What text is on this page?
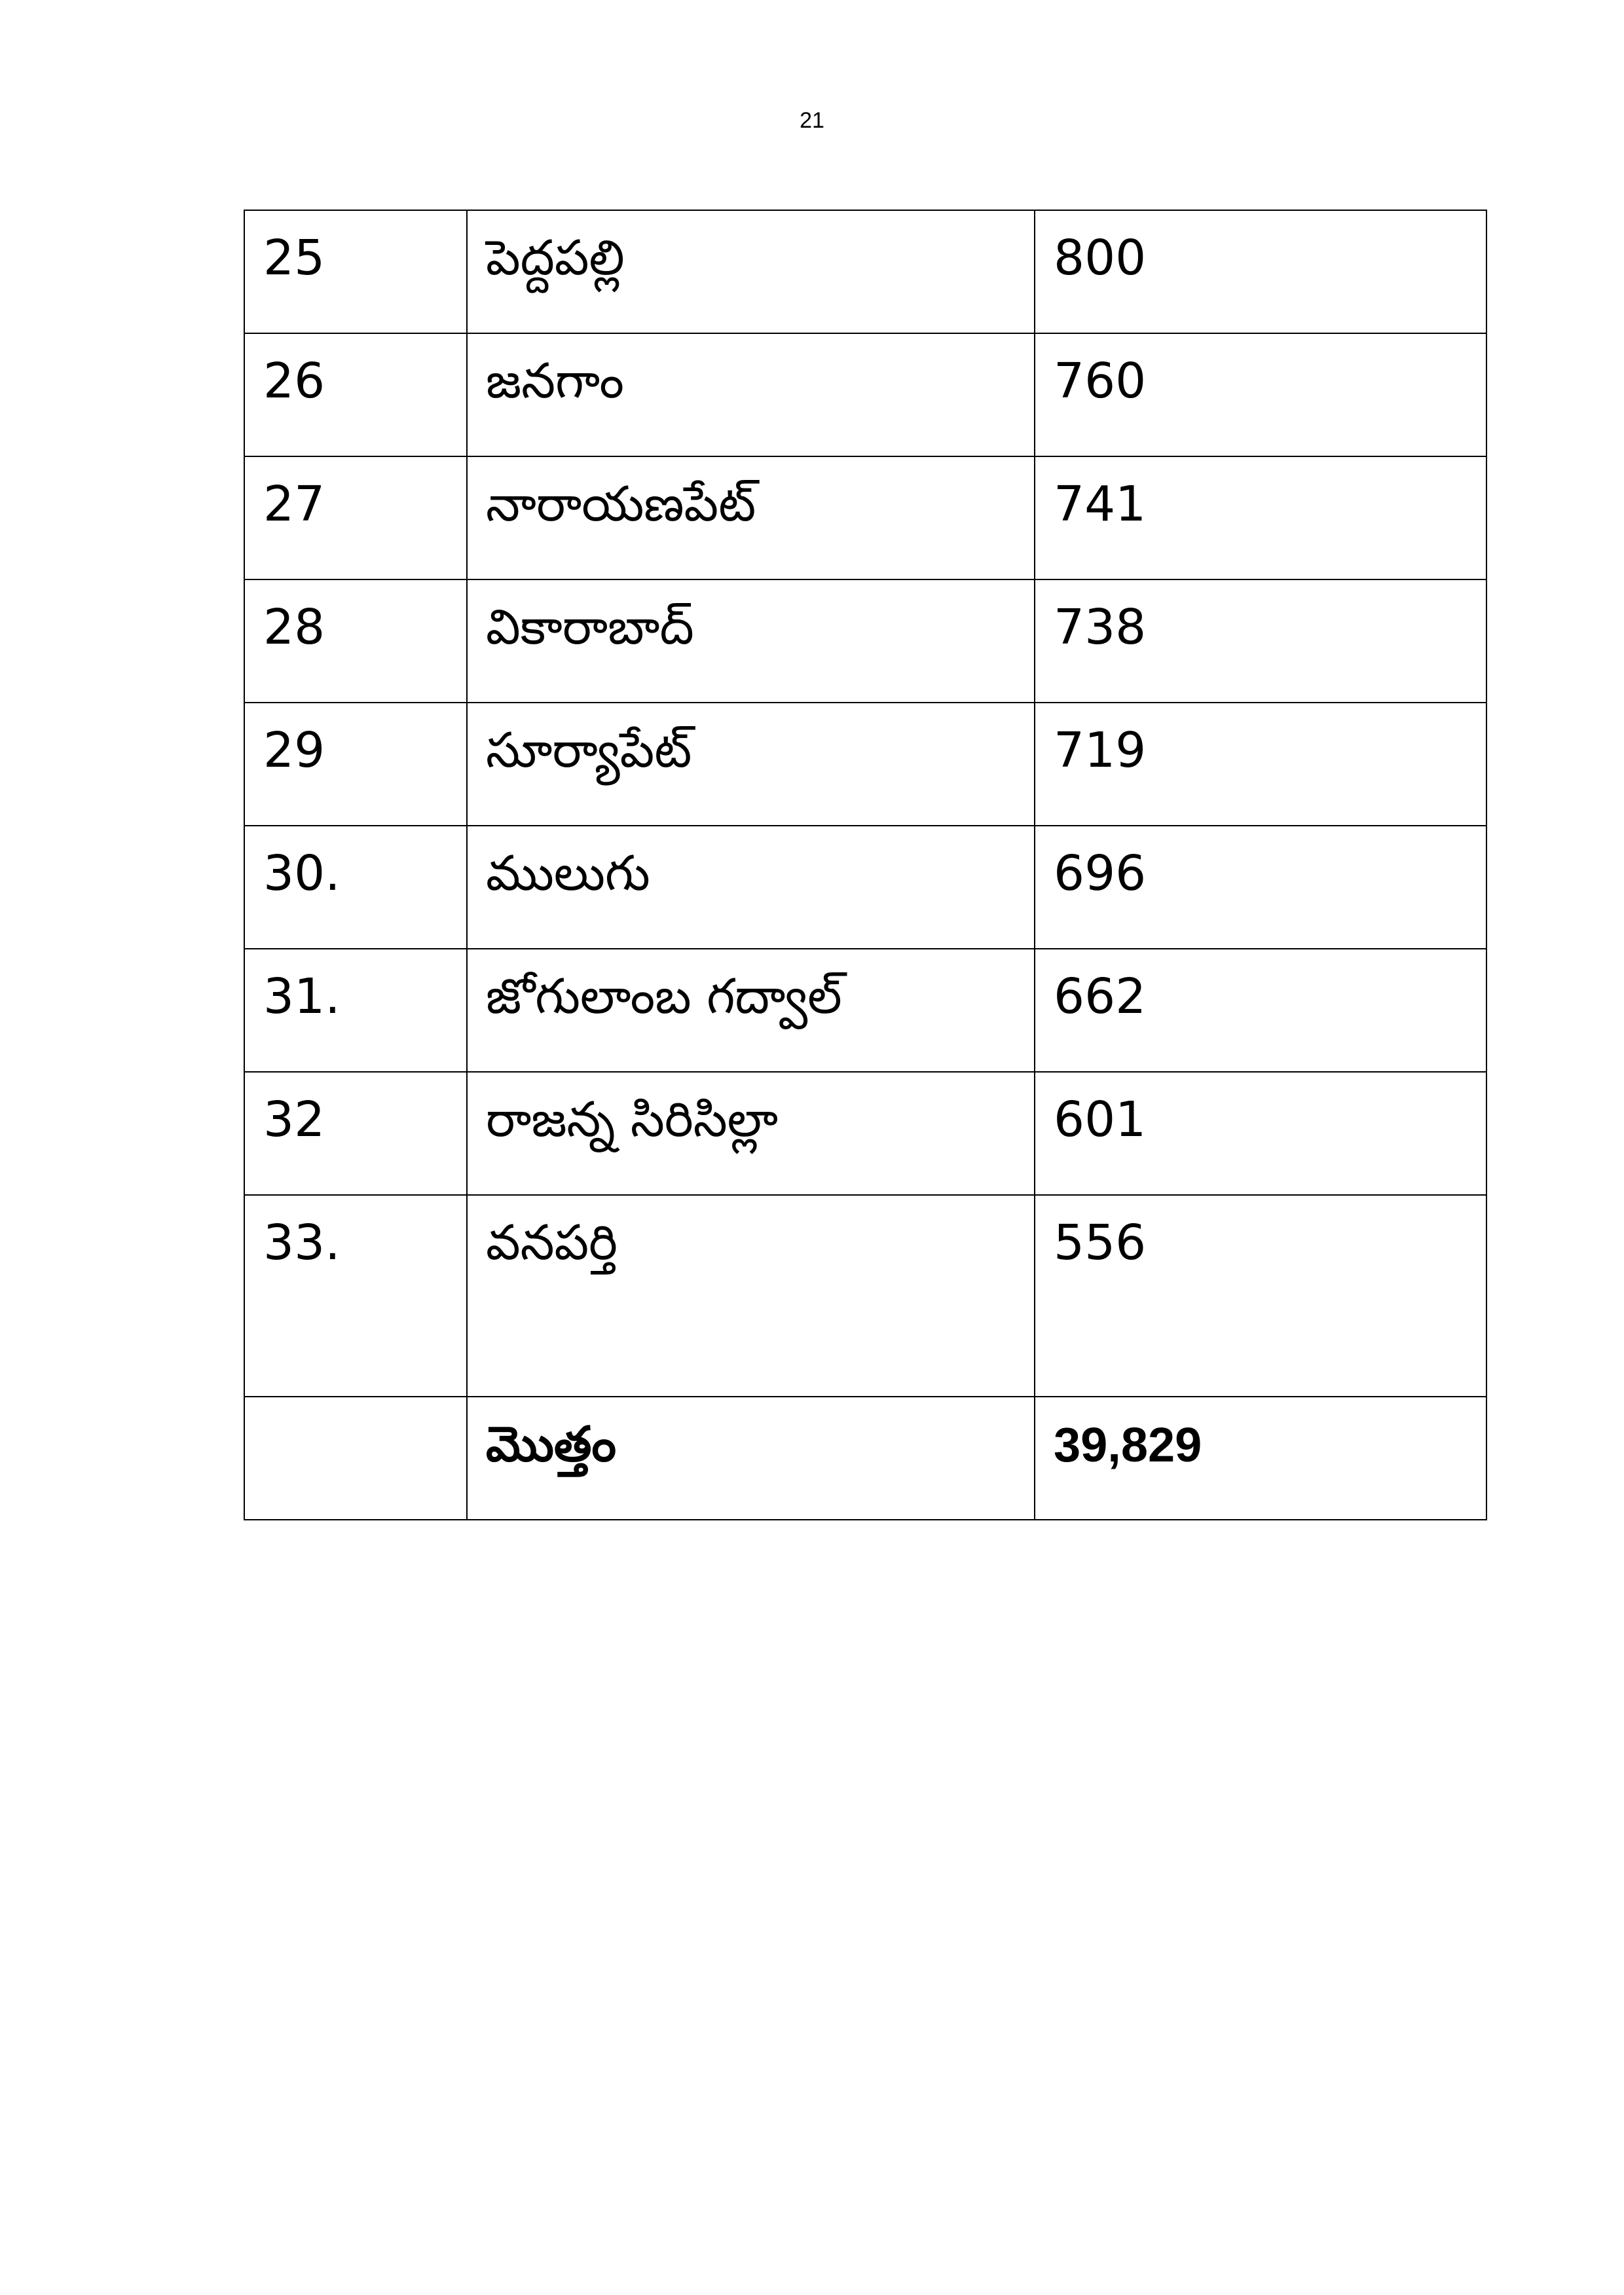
21
25	పెద్దపల్లి	800
26	జనగాం	760
27	నారాయణపేట్	741
28	వికారాబాద్	738
29	సూర్యాపేట్	719
30.	ములుగు	696
31.	జోగులాంబ గద్వాల్	662
32	రాజన్న సిరిసిల్లా	601
33.	వనపర్తి	556
	మొత్తం	39,829
